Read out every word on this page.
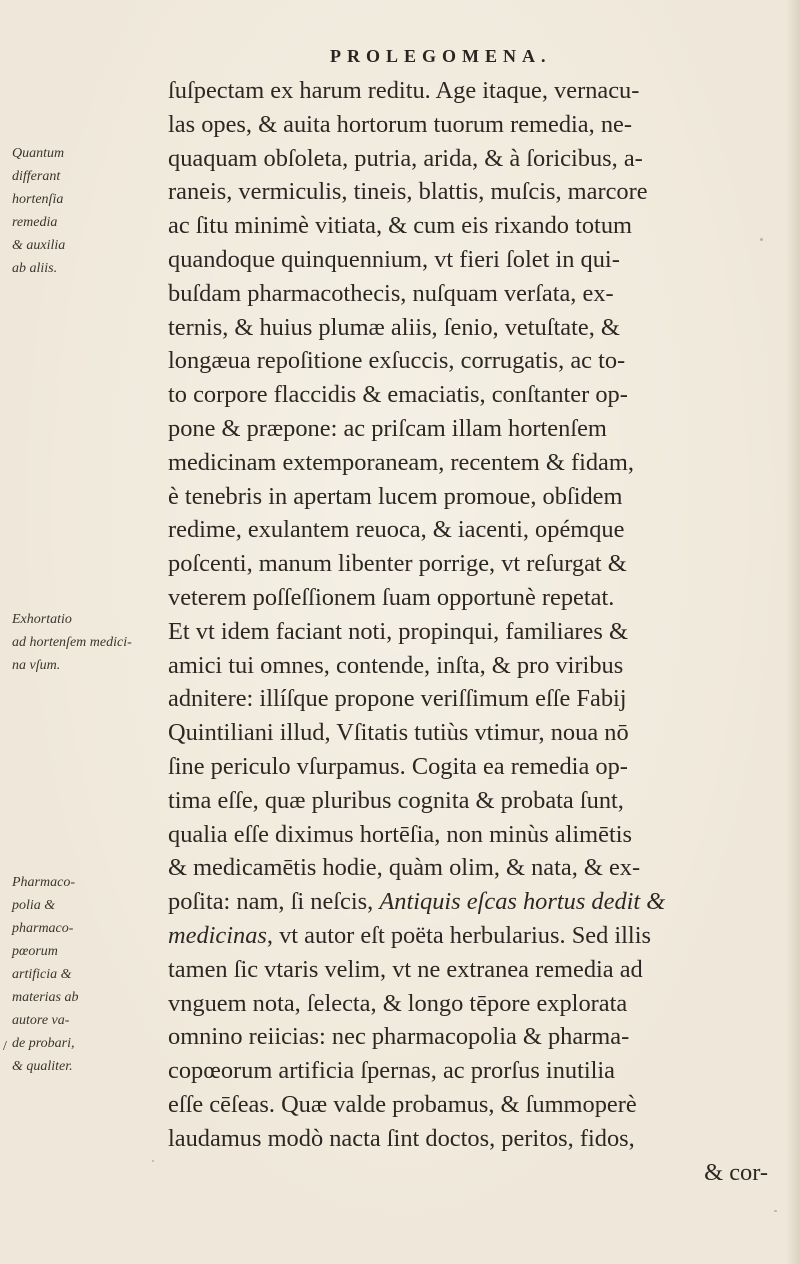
PROLEGOMENA.
ſuſpectam ex harum reditu. Age itaque, vernacu-
las opes, & auita hortorum tuorum remedia, ne-
quaquam obſoleta, putria, arida, & à ſoricibus, a-
raneis, vermiculis, tineis, blattis, muſcis, marcore
ac ſitu minimè vitiata, & cum eis rixando totum
quandoque quinquennium, vt fieri ſolet in qui-
buſdam pharmacothecis, nuſquam verſata, ex-
ternis, & huius plumæ aliis, ſenio, vetuſtate, &
longæua repoſitione exſuccis, corrugatis, ac to-
to corpore flaccidis & emaciatis, conſtanter op-
pone & præpone: ac priſcam illam hortenſem
medicinam extemporaneam, recentem & fidam,
è tenebris in apertam lucem promoue, obſidem
redime, exulantem reuoca, & iacenti, opémque
poſcenti, manum libenter porrige, vt reſurgat &
veterem poſſeſſionem ſuam opportunè repetat.
Et vt idem faciant noti, propinqui, familiares &
amici tui omnes, contende, inſta, & pro viribus
adnitere: illíſque propone veriſſimum eſſe Fabij
Quintiliani illud, Vſitatis tutiùs vtimur, noua nō
ſine periculo vſurpamus. Cogita ea remedia op-
tima eſſe, quæ pluribus cognita & probata ſunt,
qualia eſſe diximus hortēſia, non minùs alimētis
& medicamētis hodie, quàm olim, & nata, & ex-
poſita: nam, ſi neſcis, Antiquis eſcas hortus dedit &
medicinas, vt autor eſt poëta herbularius. Sed illis
tamen ſic vtaris velim, vt ne extranea remedia ad
vnguem nota, ſelecta, & longo tēpore explorata
omnino reiicias: nec pharmacopolia & pharma-
copœorum artificia ſpernas, ac prorſus inutilia
eſſe cēſeas. Quæ valde probamus, & ſummoperè
laudamus modò nacta ſint doctos, peritos, fidos,
& cor-
Quantum
differant
hortenſia
remedia
& auxilia
ab aliis.
Exhortatio
ad hortenſem medici-
na vſum.
Pharmaco-
polia &
pharmaco-
pœorum
artificia &
materias ab
autore va-
de probari,
& qualiter.
/
